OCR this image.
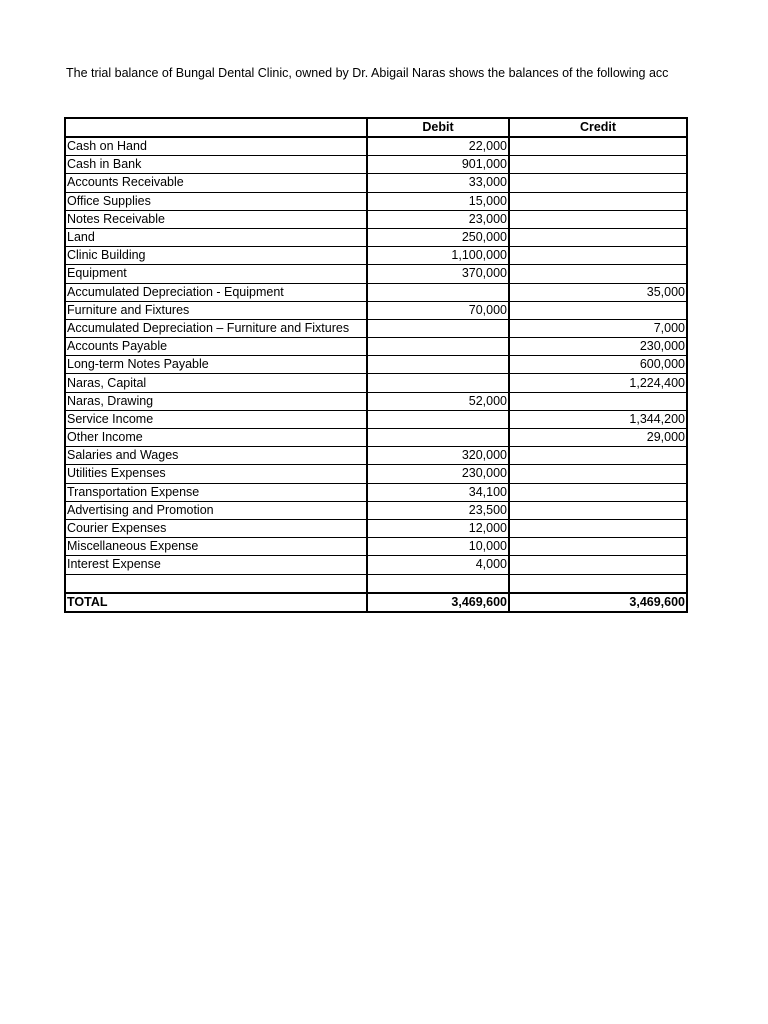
The trial balance of Bungal Dental Clinic, owned by Dr. Abigail Naras shows the balances of the following acc
	Debit	Credit
Cash on Hand	22,000	
Cash in Bank	901,000	
Accounts Receivable	33,000	
Office Supplies	15,000	
Notes Receivable	23,000	
Land	250,000	
Clinic Building	1,100,000	
Equipment	370,000	
Accumulated Depreciation - Equipment		35,000
Furniture and Fixtures	70,000	
Accumulated Depreciation – Furniture and Fixtures		7,000
Accounts Payable		230,000
Long-term Notes Payable		600,000
Naras, Capital		1,224,400
Naras, Drawing	52,000	
Service Income		1,344,200
Other Income		29,000
Salaries and Wages	320,000	
Utilities Expenses	230,000	
Transportation Expense	34,100	
Advertising and Promotion	23,500	
Courier Expenses	12,000	
Miscellaneous Expense	10,000	
Interest Expense	4,000	

TOTAL	3,469,600	3,469,600
